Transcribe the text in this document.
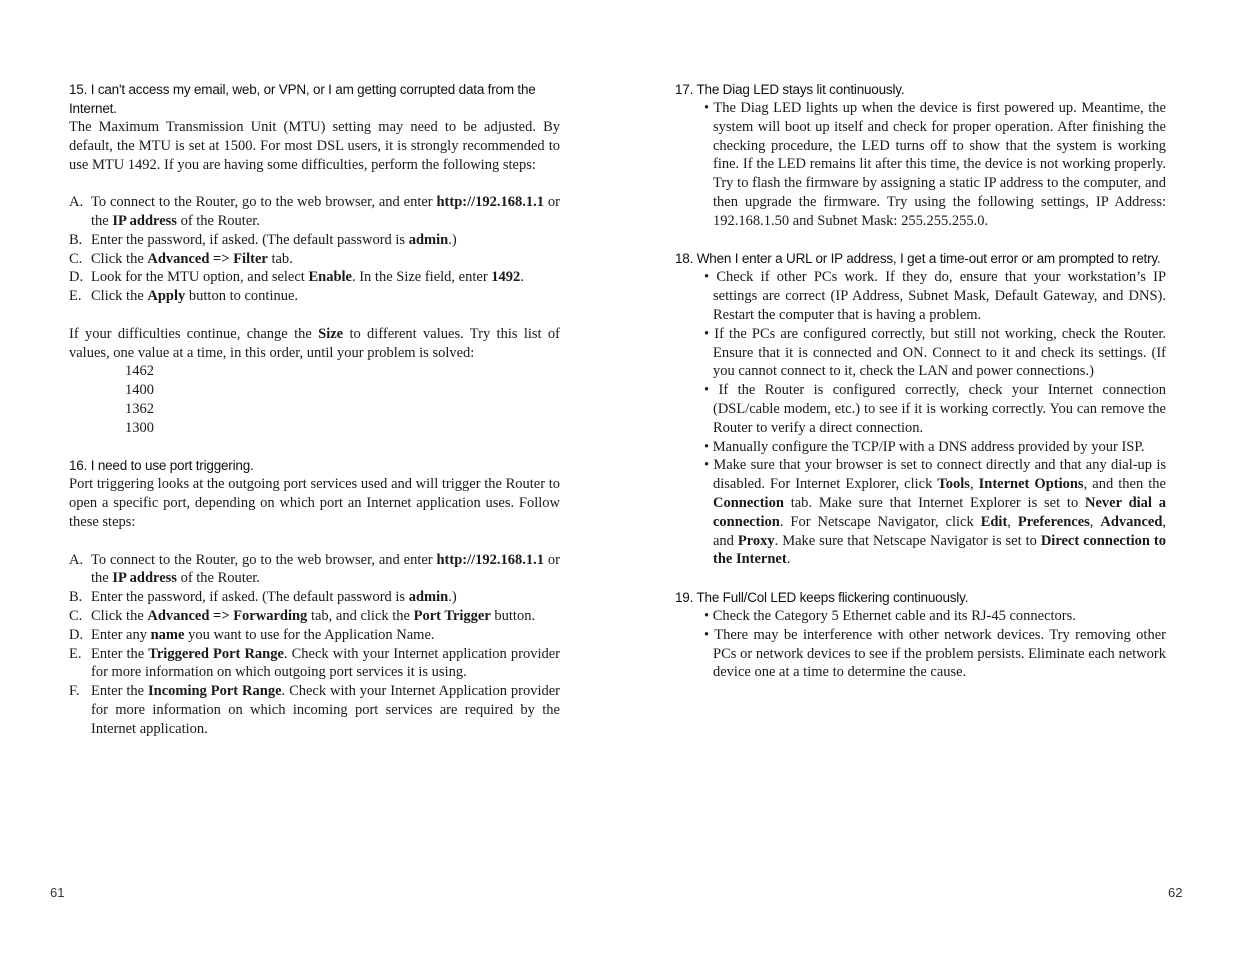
15. I can't access my email, web, or VPN, or I am getting corrupted data from the Internet.

The Maximum Transmission Unit (MTU) setting may need to be adjusted. By default, the MTU is set at 1500. For most DSL users, it is strongly recommended to use MTU 1492. If you are having some difficulties, perform the following steps:

A. To connect to the Router, go to the web browser, and enter http://192.168.1.1 or the IP address of the Router.
B. Enter the password, if asked. (The default password is admin.)
C. Click the Advanced => Filter tab.
D. Look for the MTU option, and select Enable. In the Size field, enter 1492.
E. Click the Apply button to continue.

If your difficulties continue, change the Size to different values. Try this list of values, one value at a time, in this order, until your problem is solved:

1462
1400
1362
1300

16. I need to use port triggering.

Port triggering looks at the outgoing port services used and will trigger the Router to open a specific port, depending on which port an Internet application uses. Follow these steps:

A. To connect to the Router, go to the web browser, and enter http://192.168.1.1 or the IP address of the Router.
B. Enter the password, if asked. (The default password is admin.)
C. Click the Advanced => Forwarding tab, and click the Port Trigger button.
D. Enter any name you want to use for the Application Name.
E. Enter the Triggered Port Range. Check with your Internet application provider for more information on which outgoing port services it is using.
F. Enter the Incoming Port Range. Check with your Internet Application provider for more information on which incoming port services are required by the Internet application.

17. The Diag LED stays lit continuously.

• The Diag LED lights up when the device is first powered up. Meantime, the system will boot up itself and check for proper operation. After finishing the checking procedure, the LED turns off to show that the system is working fine. If the LED remains lit after this time, the device is not working properly. Try to flash the firmware by assigning a static IP address to the computer, and then upgrade the firmware. Try using the following settings, IP Address: 192.168.1.50 and Subnet Mask: 255.255.255.0.

18. When I enter a URL or IP address, I get a time-out error or am prompted to retry.

• Check if other PCs work. If they do, ensure that your workstation’s IP settings are correct (IP Address, Subnet Mask, Default Gateway, and DNS). Restart the computer that is having a problem.

• If the PCs are configured correctly, but still not working, check the Router. Ensure that it is connected and ON. Connect to it and check its settings. (If you cannot connect to it, check the LAN and power connections.)

• If the Router is configured correctly, check your Internet connection (DSL/cable modem, etc.) to see if it is working correctly. You can remove the Router to verify a direct connection.

• Manually configure the TCP/IP with a DNS address provided by your ISP.

• Make sure that your browser is set to connect directly and that any dial-up is disabled. For Internet Explorer, click Tools, Internet Options, and then the Connection tab. Make sure that Internet Explorer is set to Never dial a connection. For Netscape Navigator, click Edit, Preferences, Advanced, and Proxy. Make sure that Netscape Navigator is set to Direct connection to the Internet.

19. The Full/Col LED keeps flickering continuously.

• Check the Category 5 Ethernet cable and its RJ-45 connectors.

• There may be interference with other network devices. Try removing other PCs or network devices to see if the problem persists. Eliminate each network device one at a time to determine the cause.

61	62
